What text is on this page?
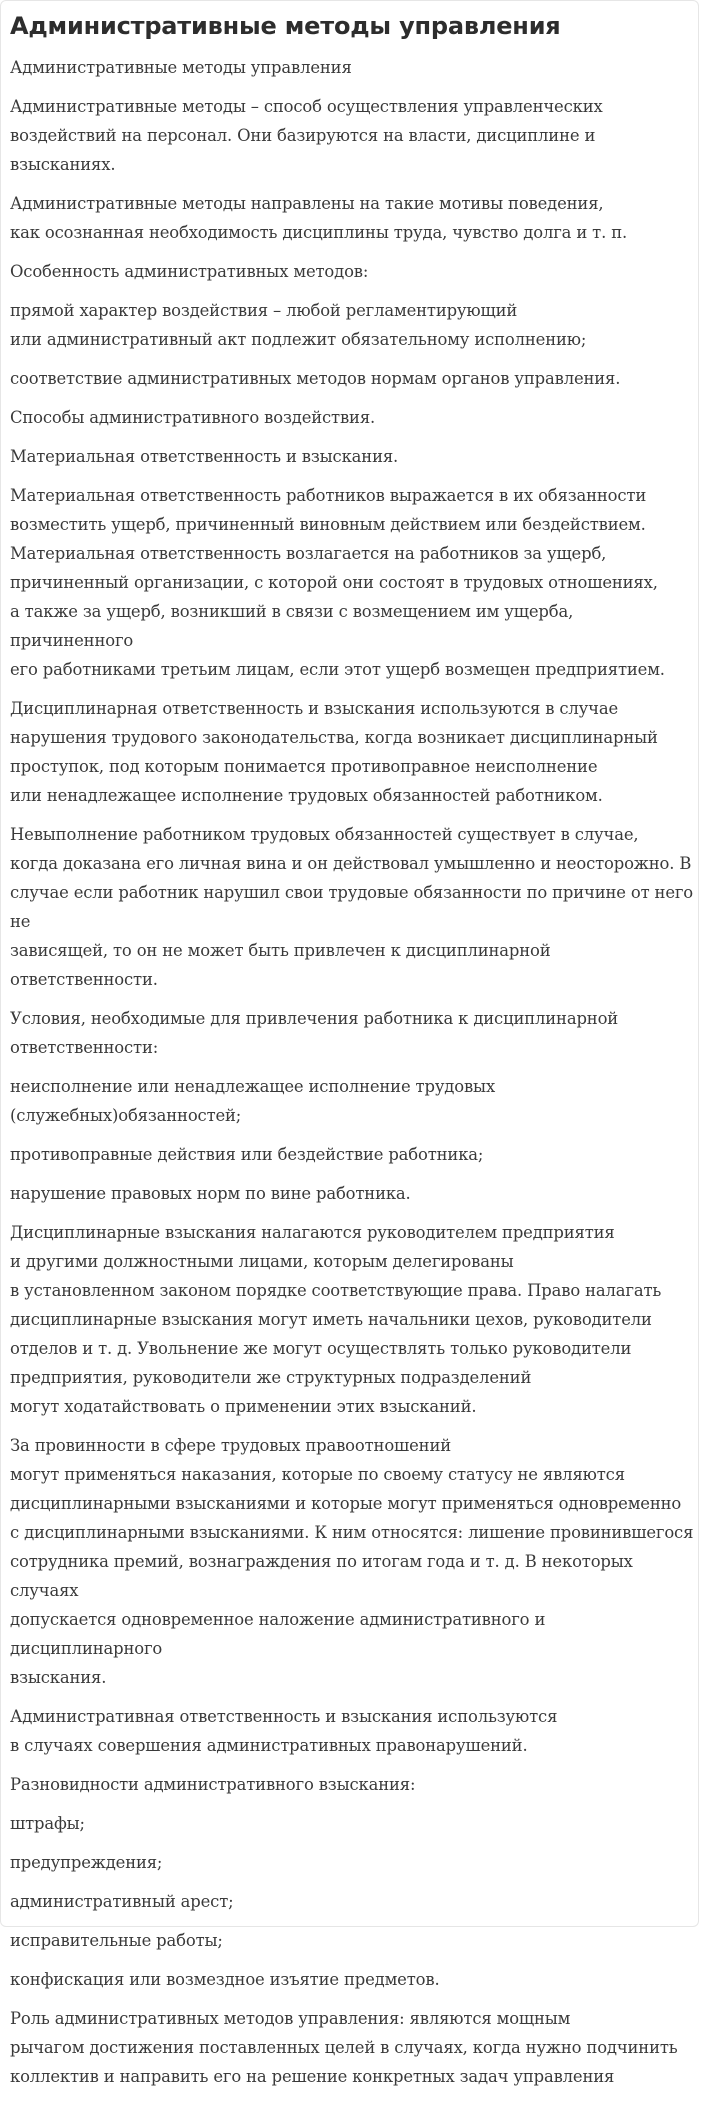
Административные методы управления

Административные методы управления

Административные методы – способ осуществления управленческих
воздействий на персонал. Они базируются на власти, дисциплине и взысканиях.

Административные методы направлены на такие мотивы поведения,
как осознанная необходимость дисциплины труда, чувство долга и т. п.

Особенность административных методов:

прямой характер воздействия – любой регламентирующий
или административный акт подлежит обязательному исполнению;

соответствие административных методов нормам органов управления.

Способы административного воздействия.

Материальная ответственность и взыскания.

Материальная ответственность работников выражается в их обязанности
возместить ущерб, причиненный виновным действием или бездействием.
Материальная ответственность возлагается на работников за ущерб,
причиненный организации, с которой они состоят в трудовых отношениях,
а также за ущерб, возникший в связи с возмещением им ущерба, причиненного
его работниками третьим лицам, если этот ущерб возмещен предприятием.

Дисциплинарная ответственность и взыскания используются в случае
нарушения трудового законодательства, когда возникает дисциплинарный
проступок, под которым понимается противоправное неисполнение
или ненадлежащее исполнение трудовых обязанностей работником.

Невыполнение работником трудовых обязанностей существует в случае,
когда доказана его личная вина и он действовал умышленно и неосторожно. В
случае если работник нарушил свои трудовые обязанности по причине от него не
зависящей, то он не может быть привлечен к дисциплинарной ответственности.

Условия, необходимые для привлечения работника к дисциплинарной
ответственности:

неисполнение или ненадлежащее исполнение трудовых
(служебных)обязанностей;

противоправные действия или бездействие работника;

нарушение правовых норм по вине работника.

Дисциплинарные взыскания налагаются руководителем предприятия
и другими должностными лицами, которым делегированы
в установленном законом порядке соответствующие права. Право налагать
дисциплинарные взыскания могут иметь начальники цехов, руководители
отделов и т. д. Увольнение же могут осуществлять только руководители
предприятия, руководители же структурных подразделений
могут ходатайствовать о применении этих взысканий.

За провинности в сфере трудовых правоотношений
могут применяться наказания, которые по своему статусу не являются
дисциплинарными взысканиями и которые могут применяться одновременно
с дисциплинарными взысканиями. К ним относятся: лишение провинившегося
сотрудника премий, вознаграждения по итогам года и т. д. В некоторых случаях
допускается одновременное наложение административного и дисциплинарного
взыскания.

Административная ответственность и взыскания используются
в случаях совершения административных правонарушений.

Разновидности административного взыскания:

штрафы;

предупреждения;

административный арест;

исправительные работы;

конфискация или возмездное изъятие предметов.

Роль административных методов управления: являются мощным
рычагом достижения поставленных целей в случаях, когда нужно подчинить
коллектив и направить его на решение конкретных задач управления
